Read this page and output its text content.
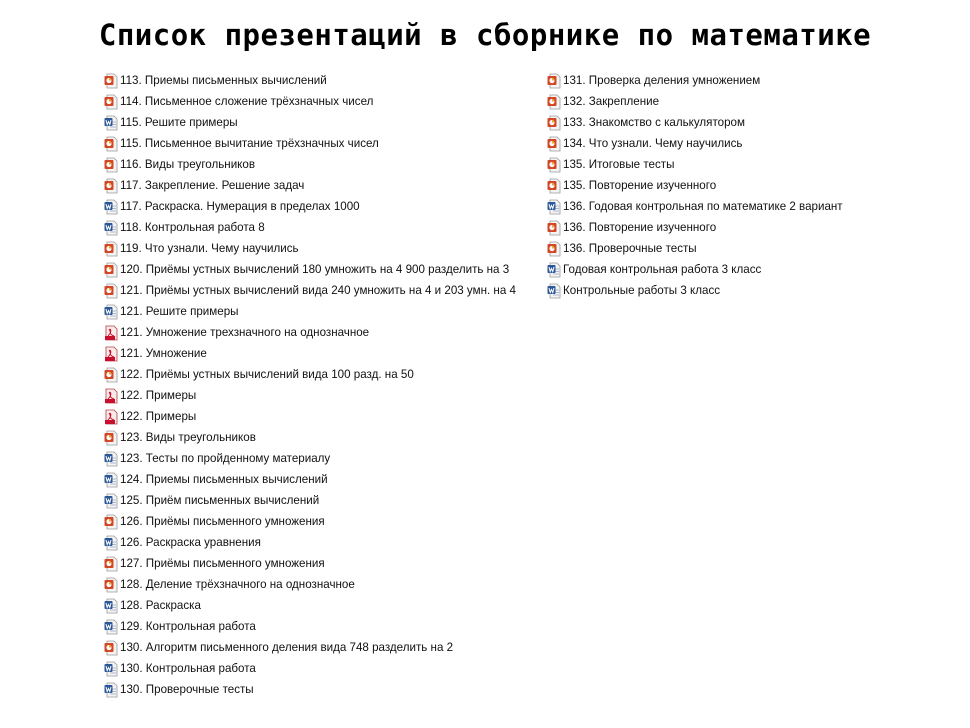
Список презентаций в сборнике по математике
113. Приемы письменных вычислений
114. Письменное сложение трёхзначных чисел
115. Решите примеры
115. Письменное вычитание трёхзначных чисел
116. Виды треугольников
117. Закрепление. Решение задач
117. Раскраска. Нумерация в пределах 1000
118. Контрольная работа 8
119. Что узнали. Чему научились
120. Приёмы устных вычислений 180 умножить на 4 900 разделить на 3
121. Приёмы устных вычислений вида 240 умножить на 4 и 203 умн. на 4
121. Решите примеры
121. Умножение трехзначного на однозначное
121. Умножение
122. Приёмы устных вычислений вида 100 разд. на 50
122. Примеры
122. Примеры
123. Виды треугольников
123. Тесты по пройденному материалу
124. Приемы письменных вычислений
125. Приём письменных вычислений
126. Приёмы письменного умножения
126. Раскраска уравнения
127. Приёмы письменного умножения
128. Деление трёхзначного на однозначное
128. Раскраска
129. Контрольная работа
130. Алгоритм письменного деления вида 748 разделить на 2
130. Контрольная работа
130. Проверочные тесты
131. Проверка деления умножением
132. Закрепление
133. Знакомство с калькулятором
134. Что узнали. Чему научились
135. Итоговые тесты
135. Повторение изученного
136. Годовая контрольная по математике 2 вариант
136. Повторение изученного
136. Проверочные тесты
Годовая контрольная работа 3 класс
Контрольные работы 3 класс
